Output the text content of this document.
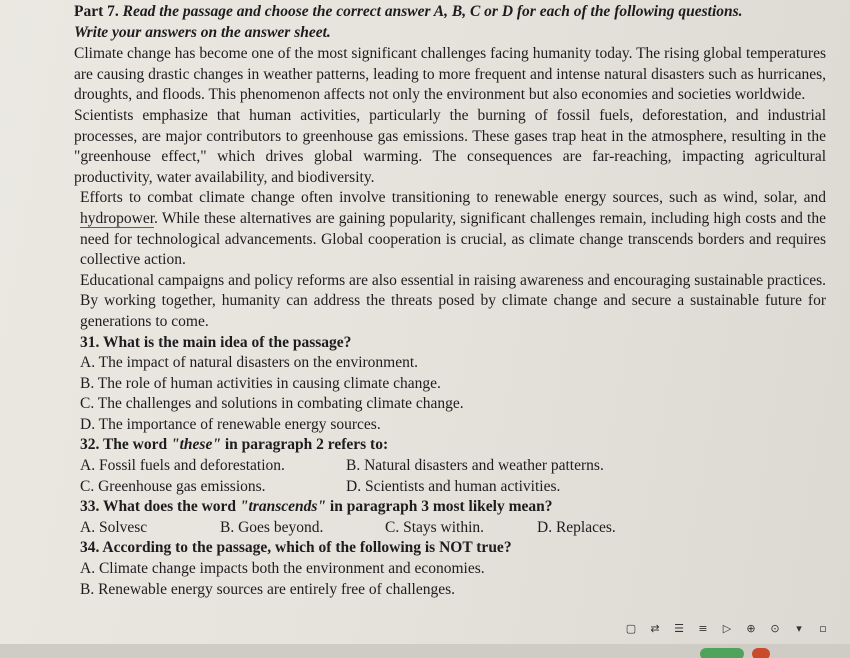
Part 7. Read the passage and choose the correct answer A, B, C or D for each of the following questions.

Write your answers on the answer sheet.

Climate change has become one of the most significant challenges facing humanity today. The rising global temperatures are causing drastic changes in weather patterns, leading to more frequent and intense natural disasters such as hurricanes, droughts, and floods. This phenomenon affects not only the environment but also economies and societies worldwide.

Scientists emphasize that human activities, particularly the burning of fossil fuels, deforestation, and industrial processes, are major contributors to greenhouse gas emissions. These gases trap heat in the atmosphere, resulting in the "greenhouse effect," which drives global warming. The consequences are far-reaching, impacting agricultural productivity, water availability, and biodiversity.

Efforts to combat climate change often involve transitioning to renewable energy sources, such as wind, solar, and hydropower. While these alternatives are gaining popularity, significant challenges remain, including high costs and the need for technological advancements. Global cooperation is crucial, as climate change transcends borders and requires collective action.

Educational campaigns and policy reforms are also essential in raising awareness and encouraging sustainable practices. By working together, humanity can address the threats posed by climate change and secure a sustainable future for generations to come.

31. What is the main idea of the passage?

A. The impact of natural disasters on the environment.

B. The role of human activities in causing climate change.

C. The challenges and solutions in combating climate change.

D. The importance of renewable energy sources.

32. The word "these" in paragraph 2 refers to:

A. Fossil fuels and deforestation.	B. Natural disasters and weather patterns.
C. Greenhouse gas emissions.	D. Scientists and human activities.

33. What does the word "transcends" in paragraph 3 most likely mean?

A. Solvesc	B. Goes beyond.	C. Stays within.	D. Replaces.

34. According to the passage, which of the following is NOT true?

A. Climate change impacts both the environment and economies.

B. Renewable energy sources are entirely free of challenges.

▢ ⇄ ☰ ≡ ▷ ⊕ ⊙ ▾ ▫
